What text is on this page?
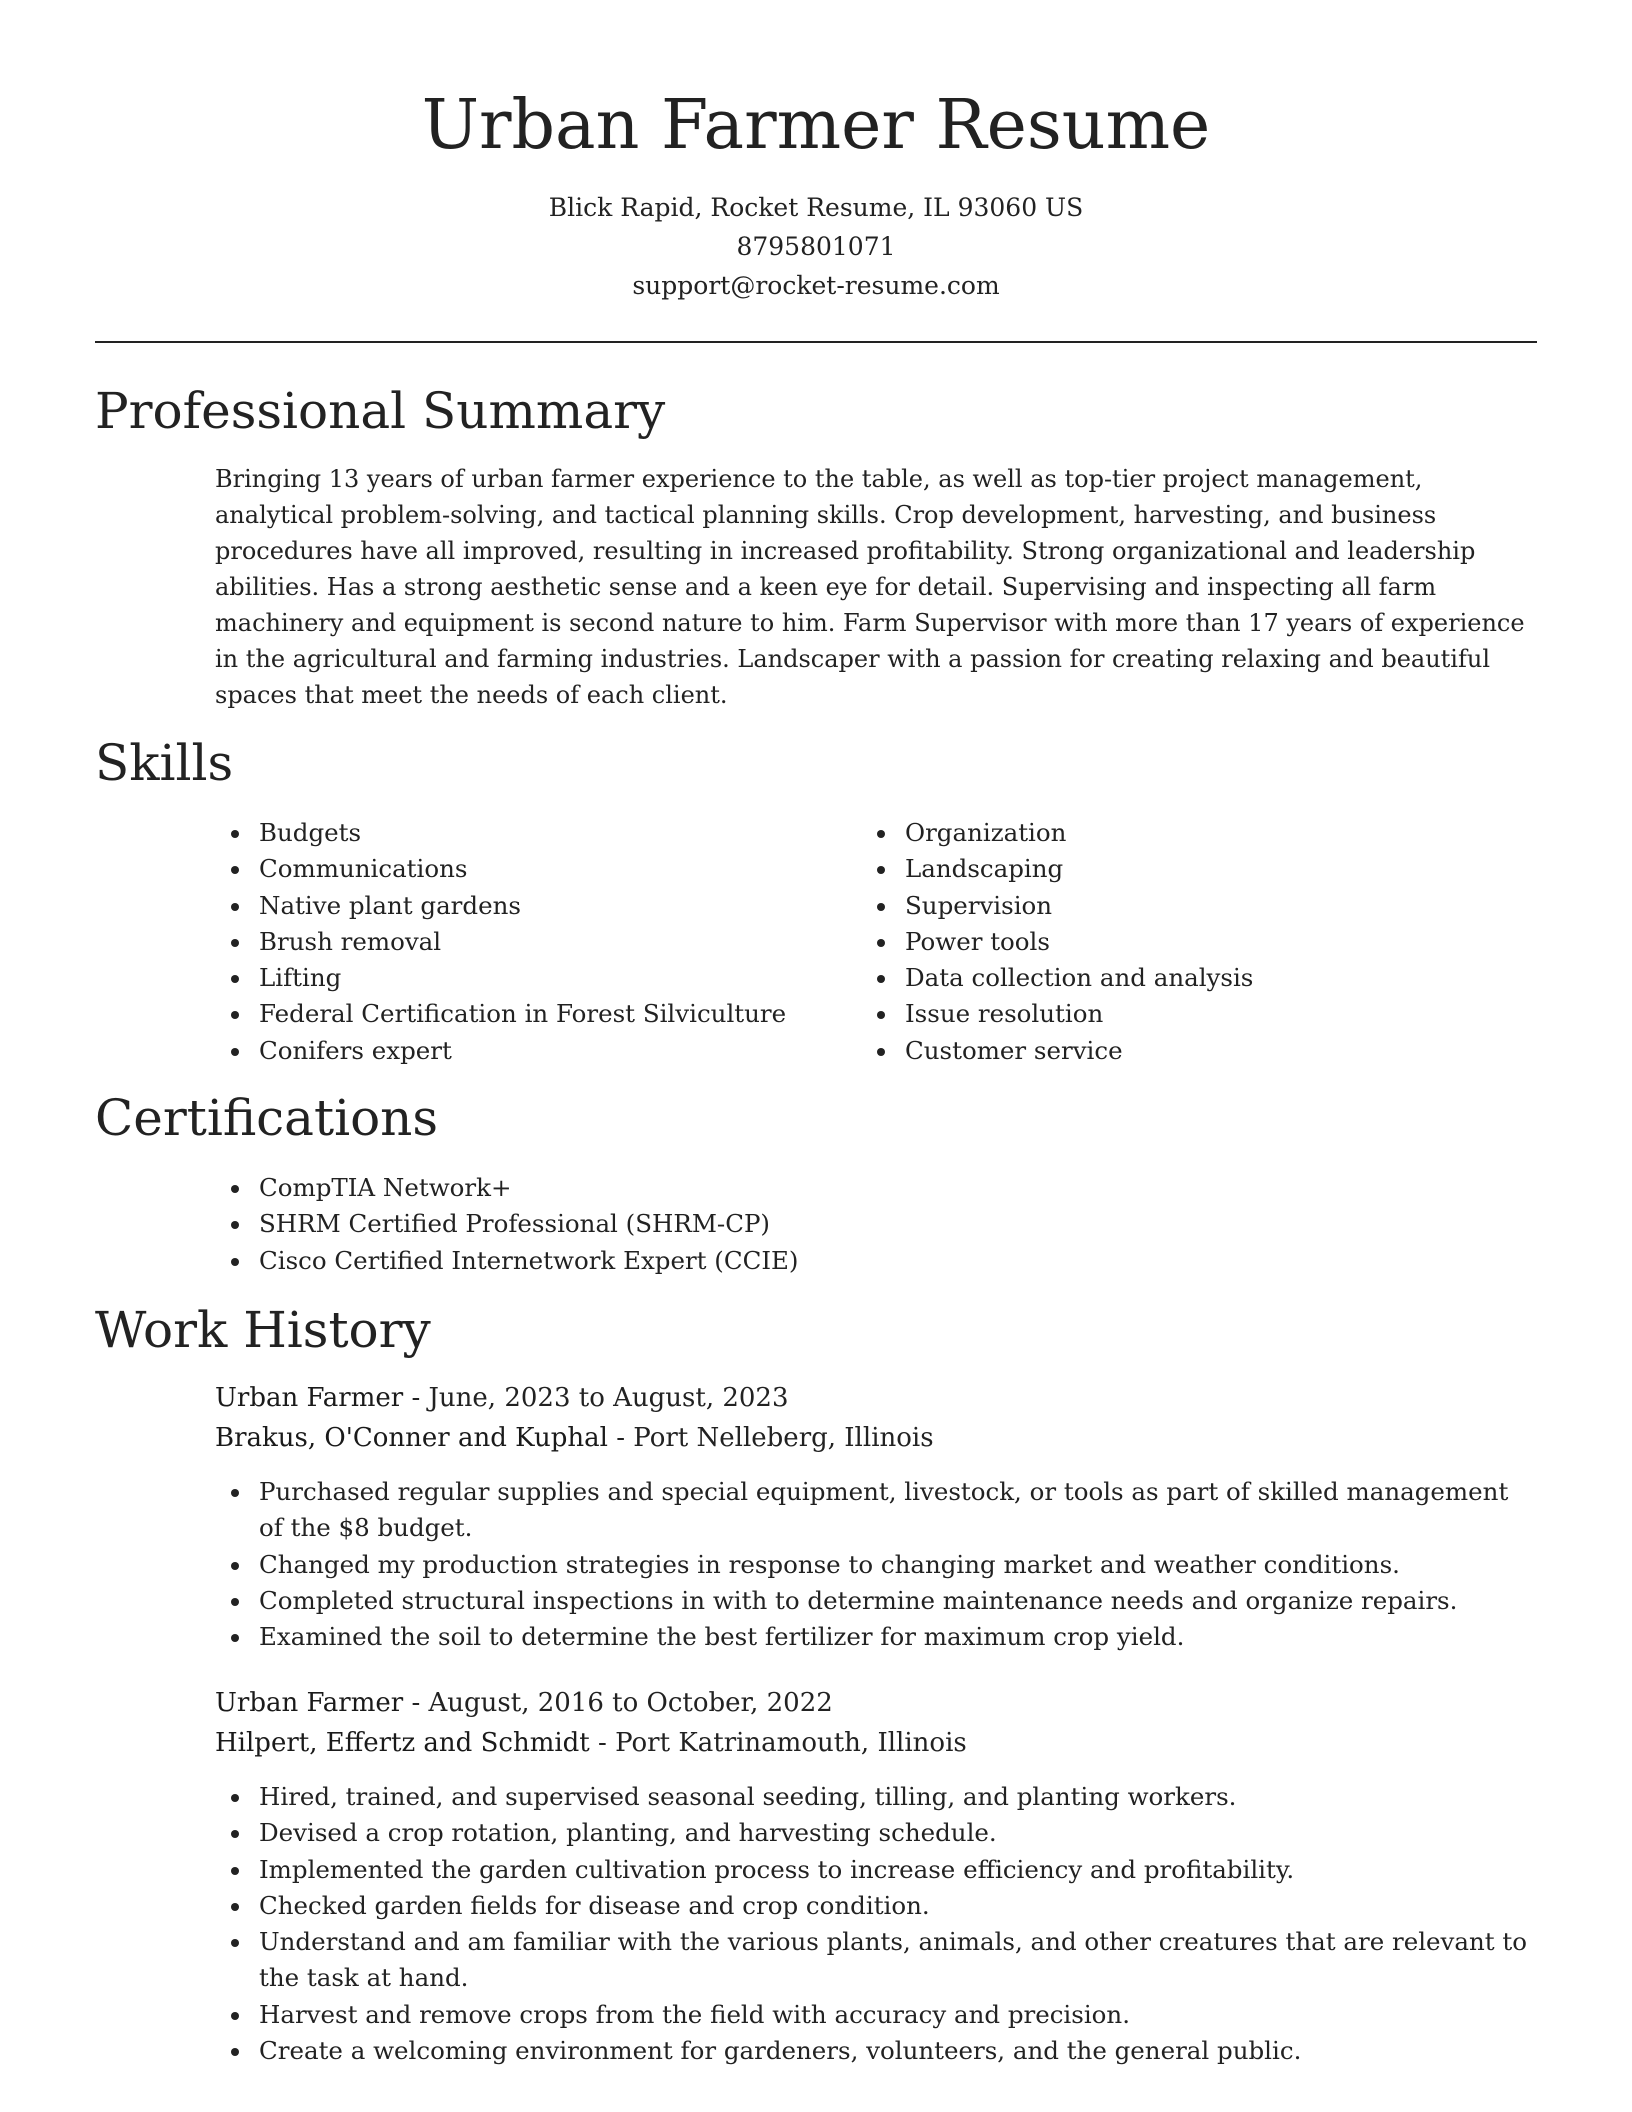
Urban Farmer Resume
Blick Rapid, Rocket Resume, IL 93060 US
8795801071
support@rocket-resume.com
Professional Summary

Bringing 13 years of urban farmer experience to the table, as well as top-tier project management, analytical problem-solving, and tactical planning skills. Crop development, harvesting, and business procedures have all improved, resulting in increased profitability. Strong organizational and leadership abilities. Has a strong aesthetic sense and a keen eye for detail. Supervising and inspecting all farm machinery and equipment is second nature to him. Farm Supervisor with more than 17 years of experience in the agricultural and farming industries. Landscaper with a passion for creating relaxing and beautiful spaces that meet the needs of each client.

Skills
Budgets
Communications
Native plant gardens
Brush removal
Lifting
Federal Certification in Forest Silviculture
Conifers expert
Organization
Landscaping
Supervision
Power tools
Data collection and analysis
Issue resolution
Customer service
Certifications
CompTIA Network+
SHRM Certified Professional (SHRM-CP)
Cisco Certified Internetwork Expert (CCIE)
Work History
Urban Farmer - June, 2023 to August, 2023
Brakus, O'Conner and Kuphal - Port Nelleberg, Illinois
Purchased regular supplies and special equipment, livestock, or tools as part of skilled management of the $8 budget.
Changed my production strategies in response to changing market and weather conditions.
Completed structural inspections in with to determine maintenance needs and organize repairs.
Examined the soil to determine the best fertilizer for maximum crop yield.
Urban Farmer - August, 2016 to October, 2022
Hilpert, Effertz and Schmidt - Port Katrinamouth, Illinois
Hired, trained, and supervised seasonal seeding, tilling, and planting workers.
Devised a crop rotation, planting, and harvesting schedule.
Implemented the garden cultivation process to increase efficiency and profitability.
Checked garden fields for disease and crop condition.
Understand and am familiar with the various plants, animals, and other creatures that are relevant to the task at hand.
Harvest and remove crops from the field with accuracy and precision.
Create a welcoming environment for gardeners, volunteers, and the general public.
